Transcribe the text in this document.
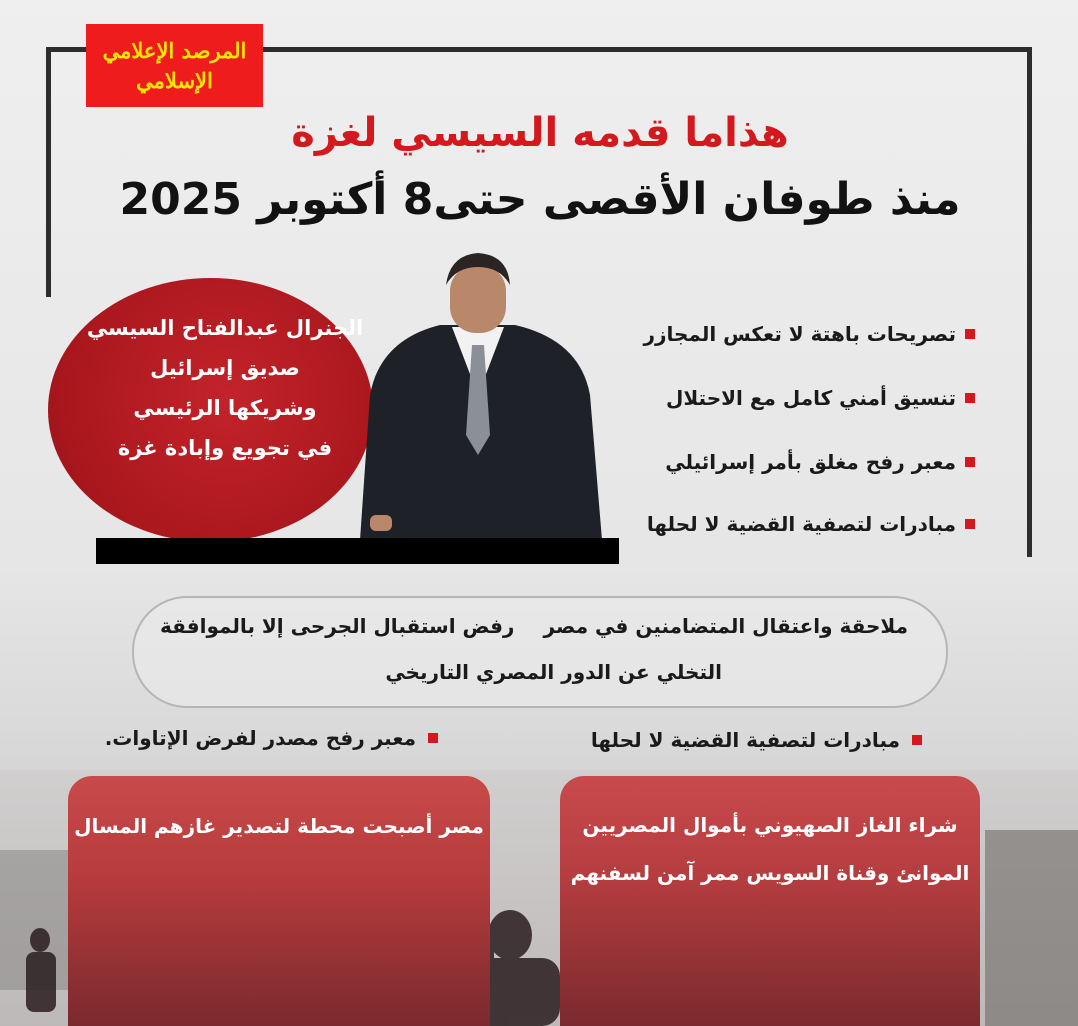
مصر أصبحت محطة لتصدير غازهم المسال	شراء الغاز الصهيوني بأموال المصريين
الموانئ وقناة السويس ممر آمن لسفنهم
المرصد الإعلامي
الإسلامي
هذاما قدمه السيسي لغزة
منذ طوفان الأقصى حتى8 أكتوبر 2025
الجنرال عبدالفتاح السيسي
صديق إسرائيل
وشريكها الرئيسي
في تجويع وإبادة غزة
تصريحات باهتة لا تعكس المجازر
تنسيق أمني كامل مع الاحتلال
معبر رفح مغلق بأمر إسرائيلي
مبادرات لتصفية القضية لا لحلها
ملاحقة واعتقال المتضامنين في مصر
رفض استقبال الجرحى إلا بالموافقة
التخلي عن الدور المصري التاريخي
مبادرات لتصفية القضية لا لحلها
معبر رفح مصدر لفرض الإتاوات.
